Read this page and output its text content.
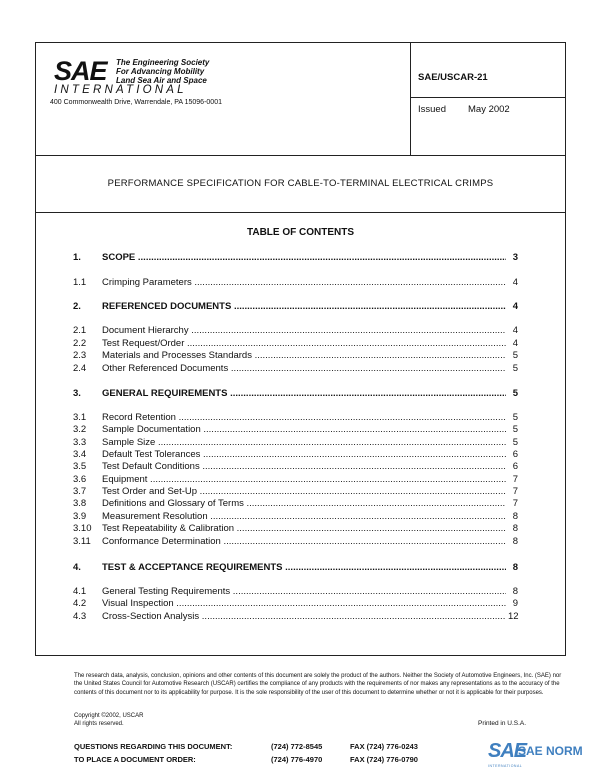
SAE The Engineering Society
For Advancing Mobility
Land Sea Air and Space
INTERNATIONAL
400 Commonwealth Drive, Warrendale, PA 15096-0001
SAE/USCAR-21
Issued May 2002
PERFORMANCE SPECIFICATION FOR CABLE-TO-TERMINAL ELECTRICAL CRIMPS
TABLE OF CONTENTS
1. SCOPE .....	3
1.1 Crimping Parameters .....	4
2. REFERENCED DOCUMENTS .....	4
2.1 Document Hierarchy .....	4
2.2 Test Request/Order .....	4
2.3 Materials and Processes Standards .....	5
2.4 Other Referenced Documents .....	5
3. GENERAL REQUIREMENTS .....	5
3.1 Record Retention .....	5
3.2 Sample Documentation .....	5
3.3 Sample Size .....	5
3.4 Default Test Tolerances .....	6
3.5 Test Default Conditions .....	6
3.6 Equipment .....	7
3.7 Test Order and Set-Up .....	7
3.8 Definitions and Glossary of Terms .....	7
3.9 Measurement Resolution .....	8
3.10 Test Repeatability & Calibration .....	8
3.11 Conformance Determination .....	8
4. TEST & ACCEPTANCE REQUIREMENTS .....	8
4.1 General Testing Requirements .....	8
4.2 Visual Inspection .....	9
4.3 Cross-Section Analysis .....	12
The research data, analysis, conclusion, opinions and other contents of this document are solely the product of the authors. Neither the Society of Automotive Engineers, Inc. (SAE) nor the United States Council for Automotive Research (USCAR) certifies the compliance of any products with the requirements of nor makes any representations as to the accuracy of the contents of this document nor to its applicability for purpose. It is the sole responsibility of the user of this document to determine whether or not it is applicable for their purposes.
Copyright ©2002, USCAR
All rights reserved.	Printed in U.S.A.
QUESTIONS REGARDING THIS DOCUMENT:	(724) 772-8545	FAX (724) 776-0243
TO PLACE A DOCUMENT ORDER:	(724) 776-4970	FAX (724) 776-0790	SAE
SAE NORM
INTERNATIONAL
